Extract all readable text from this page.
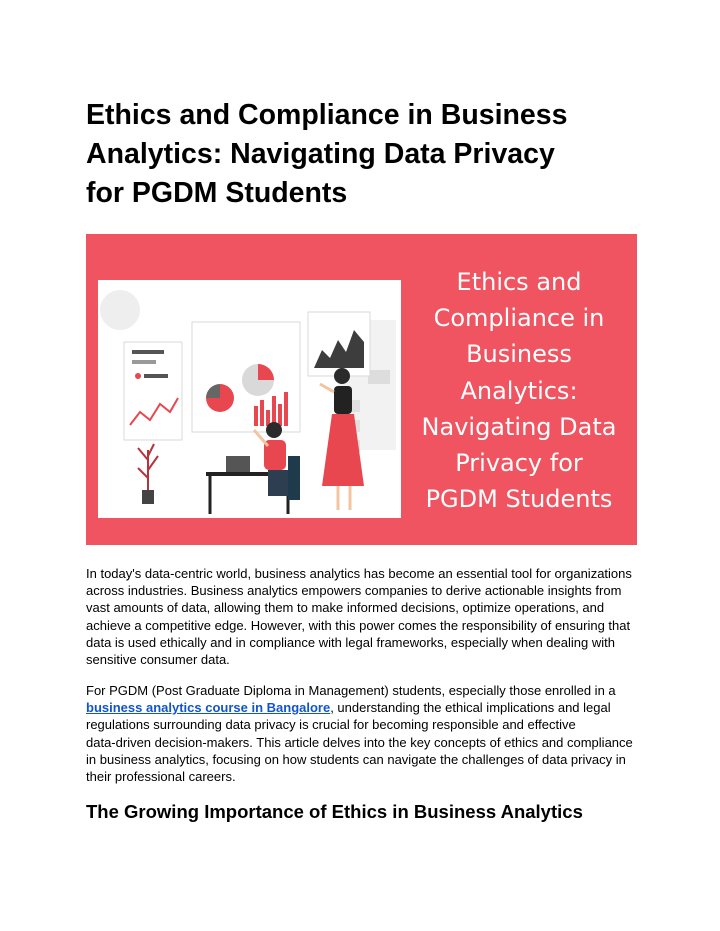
Ethics and Compliance in Business
Analytics: Navigating Data Privacy
for PGDM Students
Ethics and
Compliance in
Business
Analytics:
Navigating Data
Privacy for
PGDM Students

In today's data-centric world, business analytics has become an essential tool for organizations
across industries. Business analytics empowers companies to derive actionable insights from
vast amounts of data, allowing them to make informed decisions, optimize operations, and
achieve a competitive edge. However, with this power comes the responsibility of ensuring that
data is used ethically and in compliance with legal frameworks, especially when dealing with
sensitive consumer data.

For PGDM (Post Graduate Diploma in Management) students, especially those enrolled in a
business analytics course in Bangalore, understanding the ethical implications and legal
regulations surrounding data privacy is crucial for becoming responsible and effective
data-driven decision-makers. This article delves into the key concepts of ethics and compliance
in business analytics, focusing on how students can navigate the challenges of data privacy in
their professional careers.

The Growing Importance of Ethics in Business Analytics
